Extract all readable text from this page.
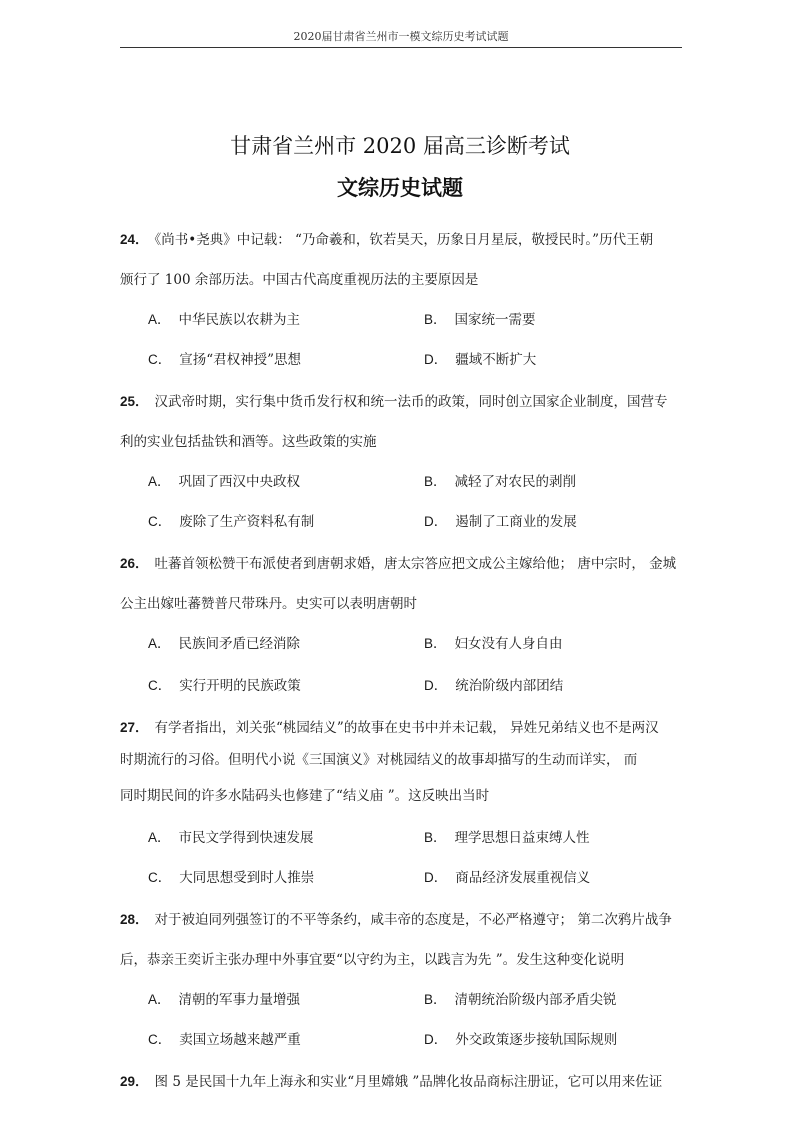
2020届甘肃省兰州市一模文综历史考试试题
甘肃省兰州市 2020 届高三诊断考试
文综历史试题
24． 《尚书•尧典》中记载： “乃命羲和，钦若昊天，历象日月星辰，敬授民时。”历代王朝
颁行了 100 余部历法。中国古代高度重视历法的主要原因是
A． 中华民族以农耕为主	B． 国家统一需要
C． 宣扬“君权神授”思想	D． 疆域不断扩大
25． 汉武帝时期，实行集中货币发行权和统一法币的政策，同时创立国家企业制度，国营专
利的实业包括盐铁和酒等。这些政策的实施
A． 巩固了西汉中央政权	B． 减轻了对农民的剥削
C． 废除了生产资料私有制	D． 遏制了工商业的发展
26． 吐蕃首领松赞干布派使者到唐朝求婚，唐太宗答应把文成公主嫁给他； 唐中宗时， 金城
公主出嫁吐蕃赞普尺带珠丹。史实可以表明唐朝时
A． 民族间矛盾已经消除	B． 妇女没有人身自由
C． 实行开明的民族政策	D． 统治阶级内部团结
27． 有学者指出，刘关张“桃园结义”的故事在史书中并未记载， 异姓兄弟结义也不是两汉
时期流行的习俗。但明代小说《三国演义》对桃园结义的故事却描写的生动而详实， 而
同时期民间的许多水陆码头也修建了“结义庙 ”。这反映出当时
A． 市民文学得到快速发展	B． 理学思想日益束缚人性
C． 大同思想受到时人推崇	D． 商品经济发展重视信义
28． 对于被迫同列强签订的不平等条约，咸丰帝的态度是，不必严格遵守； 第二次鸦片战争
后，恭亲王奕䜣主张办理中外事宜要“以守约为主，以践言为先 ”。发生这种变化说明
A． 清朝的军事力量增强	B． 清朝统治阶级内部矛盾尖锐
C． 卖国立场越来越严重	D． 外交政策逐步接轨国际规则
29． 图 5 是民国十九年上海永和实业“月里嫦娥 ”品牌化妆品商标注册证，它可以用来佐证
